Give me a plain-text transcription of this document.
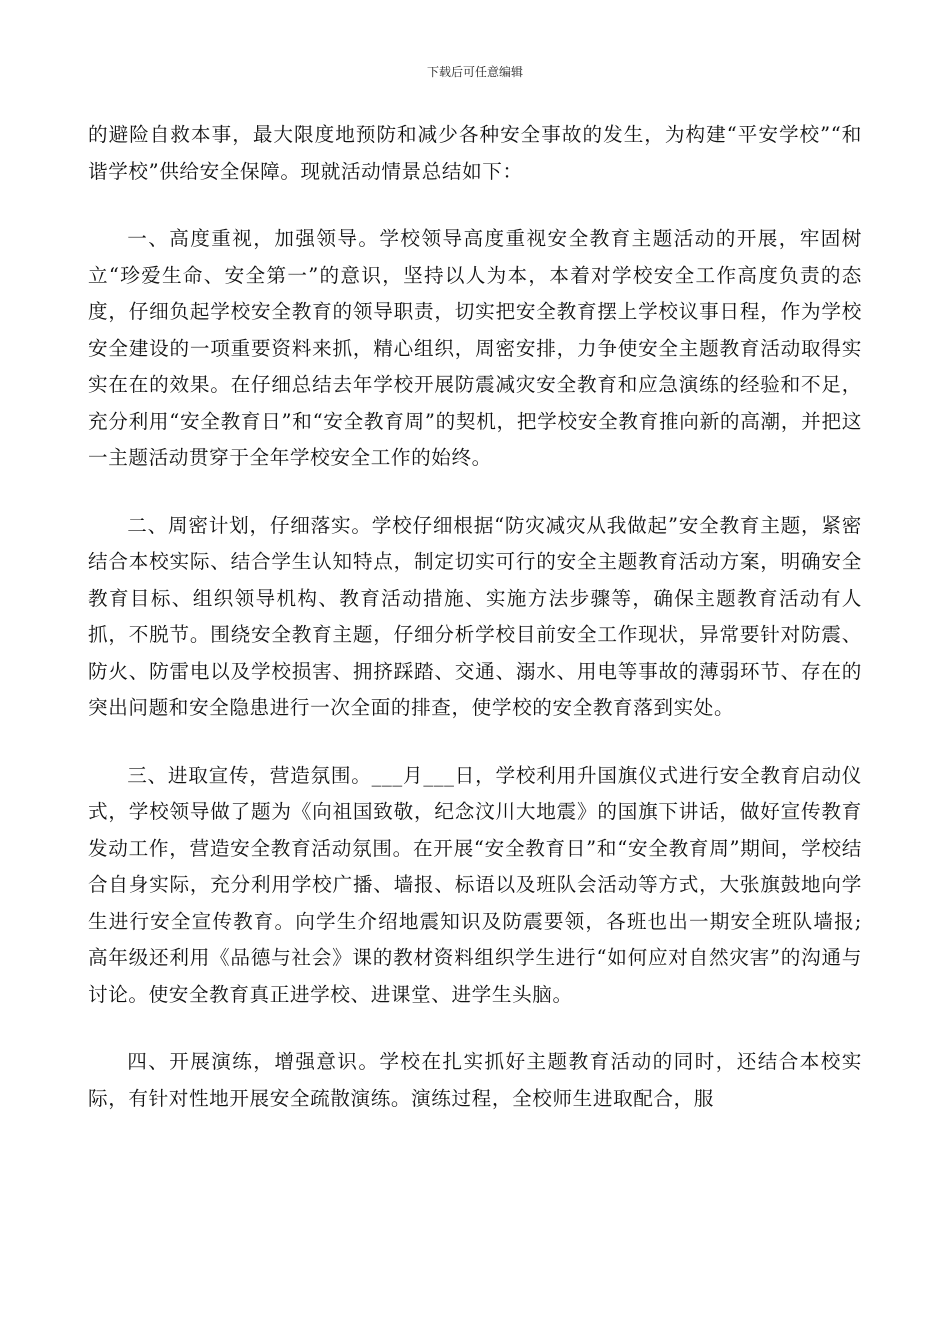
下载后可任意编辑

的避险自救本事，最大限度地预防和减少各种安全事故的发生，为构建“平安学校”“和谐学校”供给安全保障。现就活动情景总结如下：

一、高度重视，加强领导。学校领导高度重视安全教育主题活动的开展，牢固树立“珍爱生命、安全第一”的意识，坚持以人为本，本着对学校安全工作高度负责的态度，仔细负起学校安全教育的领导职责，切实把安全教育摆上学校议事日程，作为学校安全建设的一项重要资料来抓，精心组织，周密安排，力争使安全主题教育活动取得实实在在的效果。在仔细总结去年学校开展防震减灾安全教育和应急演练的经验和不足，充分利用“安全教育日”和“安全教育周”的契机，把学校安全教育推向新的高潮，并把这一主题活动贯穿于全年学校安全工作的始终。

二、周密计划，仔细落实。学校仔细根据“防灾减灾从我做起”安全教育主题，紧密结合本校实际、结合学生认知特点，制定切实可行的安全主题教育活动方案，明确安全教育目标、组织领导机构、教育活动措施、实施方法步骤等，确保主题教育活动有人抓，不脱节。围绕安全教育主题，仔细分析学校目前安全工作现状，异常要针对防震、防火、防雷电以及学校损害、拥挤踩踏、交通、溺水、用电等事故的薄弱环节、存在的突出问题和安全隐患进行一次全面的排查，使学校的安全教育落到实处。

三、进取宣传，营造氛围。___月___日，学校利用升国旗仪式进行安全教育启动仪式，学校领导做了题为《向祖国致敬，纪念汶川大地震》的国旗下讲话，做好宣传教育发动工作，营造安全教育活动氛围。在开展“安全教育日”和“安全教育周”期间，学校结合自身实际，充分利用学校广播、墙报、标语以及班队会活动等方式，大张旗鼓地向学生进行安全宣传教育。向学生介绍地震知识及防震要领，各班也出一期安全班队墙报;高年级还利用《品德与社会》课的教材资料组织学生进行“如何应对自然灾害”的沟通与讨论。使安全教育真正进学校、进课堂、进学生头脑。

四、开展演练，增强意识。学校在扎实抓好主题教育活动的同时，还结合本校实际，有针对性地开展安全疏散演练。演练过程，全校师生进取配合，服
